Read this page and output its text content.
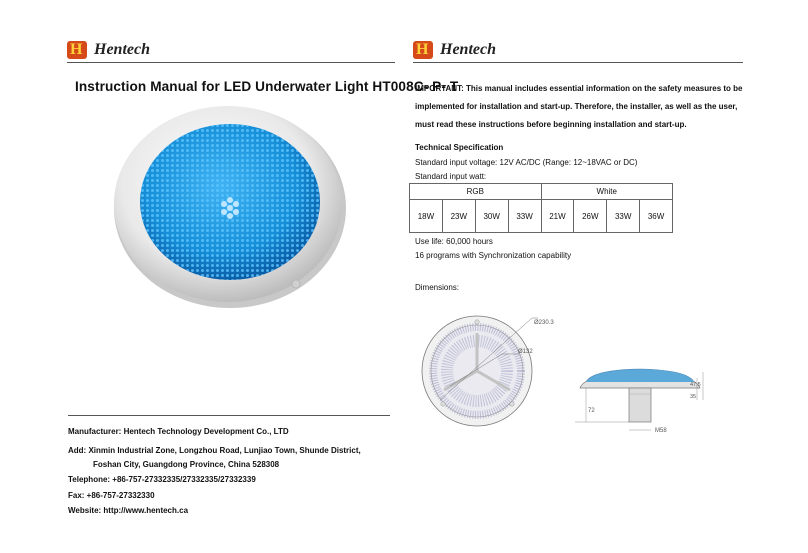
H Hentech	H Hentech
Instruction Manual for LED Underwater Light HT008C- P- T
Manufacturer: Hentech Technology Development Co., LTD
Add: Xinmin Industrial Zone, Longzhou Road, Lunjiao Town, Shunde District,
Foshan City, Guangdong Province, China 528308
Telephone: +86-757-27332335/27332335/27332339
Fax: +86-757-27332330
Website: http://www.hentech.ca
IMPORTANT: This manual includes essential information on the safety measures to be implemented for installation and start-up. Therefore, the installer, as well as the user, must read these instructions before beginning installation and start-up.
Technical Specification
Standard input voltage: 12V AC/DC (Range: 12~18VAC or DC)
Standard input watt:
RGB				White			
18W	23W	30W	33W	21W	26W	33W	36W
Use life: 60,000 hours
16 programs with Synchronization capability
Dimensions:
Ø230.3
Ø132
72
M58
47.5
35
